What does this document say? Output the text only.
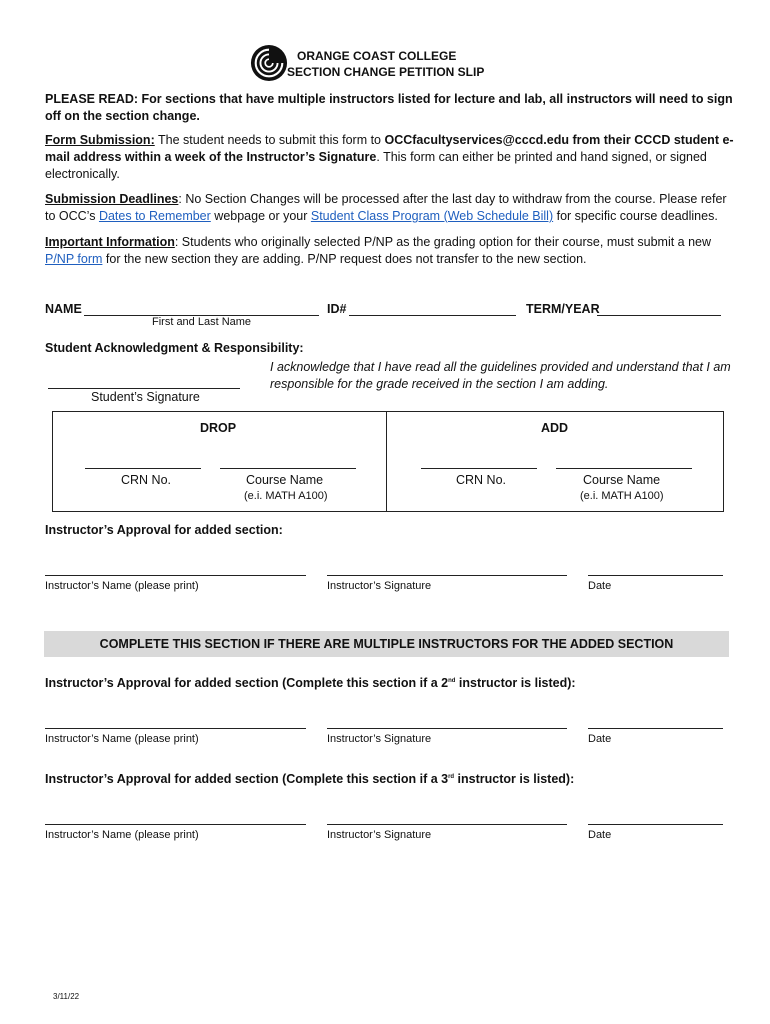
ORANGE COAST COLLEGE
SECTION CHANGE PETITION SLIP

PLEASE READ: For sections that have multiple instructors listed for lecture and lab, all instructors will need to sign off on the section change.

Form Submission: The student needs to submit this form to OCCfacultyservices@cccd.edu from their CCCD student e-mail address within a week of the Instructor’s Signature. This form can either be printed and hand signed, or signed electronically.

Submission Deadlines: No Section Changes will be processed after the last day to withdraw from the course. Please refer to OCC’s Dates to Remember webpage or your Student Class Program (Web Schedule Bill) for specific course deadlines.

Important Information: Students who originally selected P/NP as the grading option for their course, must submit a new P/NP form for the new section they are adding. P/NP request does not transfer to the new section.

NAME
First and Last Name
ID#	TERM/YEAR
Student Acknowledgment & Responsibility:

I acknowledge that I have read all the guidelines provided and understand that I am responsible for the grade received in the section I am adding.

Student’s Signature
DROP	ADD
CRN No.	Course Name
(e.i. MATH A100)
CRN No.	Course Name
(e.i. MATH A100)
Instructor’s Approval for added section:
Instructor’s Name (please print)	Instructor’s Signature	Date
COMPLETE THIS SECTION IF THERE ARE MULTIPLE INSTRUCTORS FOR THE ADDED SECTION
Instructor’s Approval for added section (Complete this section if a 2nd instructor is listed):
Instructor’s Name (please print)	Instructor’s Signature	Date
Instructor’s Approval for added section (Complete this section if a 3rd instructor is listed):
Instructor’s Name (please print)	Instructor’s Signature	Date
3/11/22
